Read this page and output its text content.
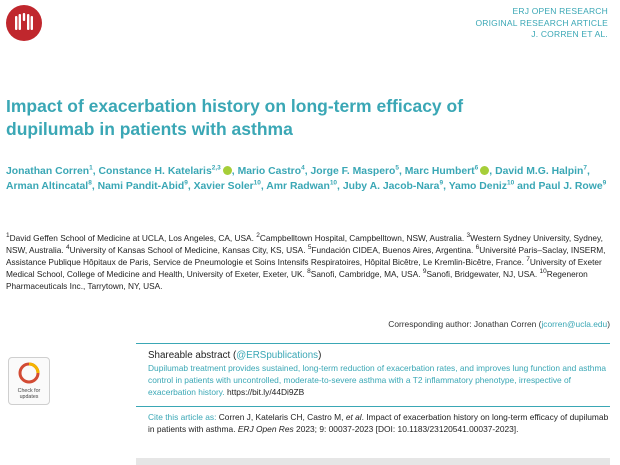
ERJ OPEN RESEARCH
ORIGINAL RESEARCH ARTICLE
J. CORREN ET AL.
Impact of exacerbation history on long-term efficacy of dupilumab in patients with asthma
Jonathan Corren$^1$, Constance H. Katelaris$^{2,3}$ , Mario Castro$^4$, Jorge F. Maspero$^5$, Marc Humbert$^6$ , David M.G. Halpin$^7$, Arman Altincatal$^8$, Nami Pandit-Abid$^9$, Xavier Soler$^{10}$, Amr Radwan$^{10}$, Juby A. Jacob-Nara$^9$, Yamo Deniz$^{10}$ and Paul J. Rowe$^9$
$^1$David Geffen School of Medicine at UCLA, Los Angeles, CA, USA. $^2$Campbelltown Hospital, Campbelltown, NSW, Australia. $^3$Western Sydney University, Sydney, NSW, Australia. $^4$University of Kansas School of Medicine, Kansas City, KS, USA. $^5$Fundación CIDEA, Buenos Aires, Argentina. $^6$Université Paris–Saclay, INSERM, Assistance Publique Hôpitaux de Paris, Service de Pneumologie et Soins Intensifs Respiratoires, Hôpital Bicêtre, Le Kremlin-Bicêtre, France. $^7$University of Exeter Medical School, College of Medicine and Health, University of Exeter, Exeter, UK. $^8$Sanofi, Cambridge, MA, USA. $^9$Sanofi, Bridgewater, NJ, USA. $^{10}$Regeneron Pharmaceuticals Inc., Tarrytown, NY, USA.
Corresponding author: Jonathan Corren (jcorren@ucla.edu)
Check for
updates
Shareable abstract (@ERSpublications)
Dupilumab treatment provides sustained, long-term reduction of exacerbation rates, and improves lung function and asthma control in patients with uncontrolled, moderate-to-severe asthma with a T2 inflammatory phenotype, irrespective of exacerbation history. https://bit.ly/44Di9ZB
Cite this article as: Corren J, Katelaris CH, Castro M, et al. Impact of exacerbation history on long-term efficacy of dupilumab in patients with asthma. ERJ Open Res 2023; 9: 00037-2023 [DOI: 10.1183/23120541.00037-2023].
